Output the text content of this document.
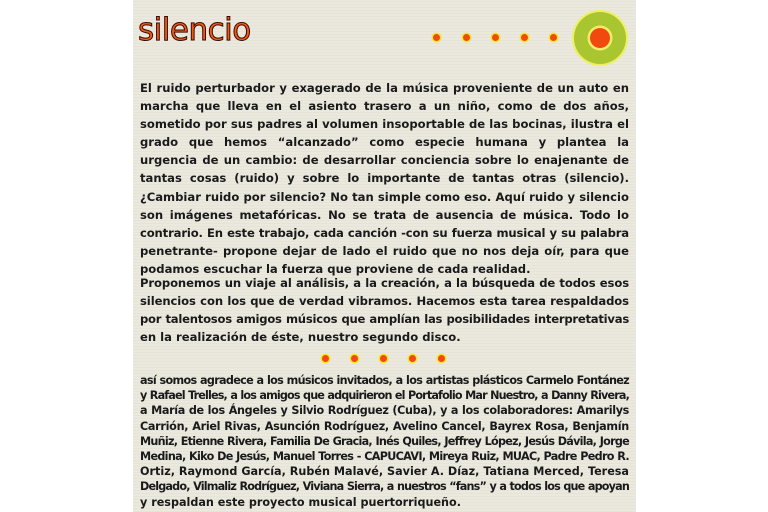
silencio
El ruido perturbador y exagerado de la música proveniente de un auto en
marcha que lleva en el asiento trasero a un niño, como de dos años,
sometido por sus padres al volumen insoportable de las bocinas, ilustra el
grado que hemos “alcanzado” como especie humana y plantea la
urgencia de un cambio: de desarrollar conciencia sobre lo enajenante de
tantas cosas (ruido) y sobre lo importante de tantas otras (silencio).
¿Cambiar ruido por silencio? No tan simple como eso. Aquí ruido y silencio
son imágenes metafóricas. No se trata de ausencia de música. Todo lo
contrario. En este trabajo, cada canción -con su fuerza musical y su palabra
penetrante- propone dejar de lado el ruido que no nos deja oír, para que
podamos escuchar la fuerza que proviene de cada realidad.
Proponemos un viaje al análisis, a la creación, a la búsqueda de todos esos
silencios con los que de verdad vibramos. Hacemos esta tarea respaldados
por talentosos amigos músicos que amplían las posibilidades interpretativas
en la realización de éste, nuestro segundo disco.
así somos agradece a los músicos invitados, a los artistas plásticos Carmelo Fontánez
y Rafael Trelles, a los amigos que adquirieron el Portafolio Mar Nuestro, a Danny Rivera,
a María de los Ángeles y Silvio Rodríguez (Cuba), y a los colaboradores: Amarilys
Carrión, Ariel Rivas, Asunción Rodríguez, Avelino Cancel, Bayrex Rosa, Benjamín
Muñiz, Etienne Rivera, Familia De Gracia, Inés Quiles, Jeffrey López, Jesús Dávila, Jorge
Medina, Kiko De Jesús, Manuel Torres - CAPUCAVI, Mireya Ruiz, MUAC, Padre Pedro R.
Ortiz, Raymond García, Rubén Malavé, Savier A. Díaz, Tatiana Merced, Teresa
Delgado, Vilmaliz Rodríguez, Viviana Sierra, a nuestros “fans” y a todos los que apoyan
y respaldan este proyecto musical puertorriqueño.
